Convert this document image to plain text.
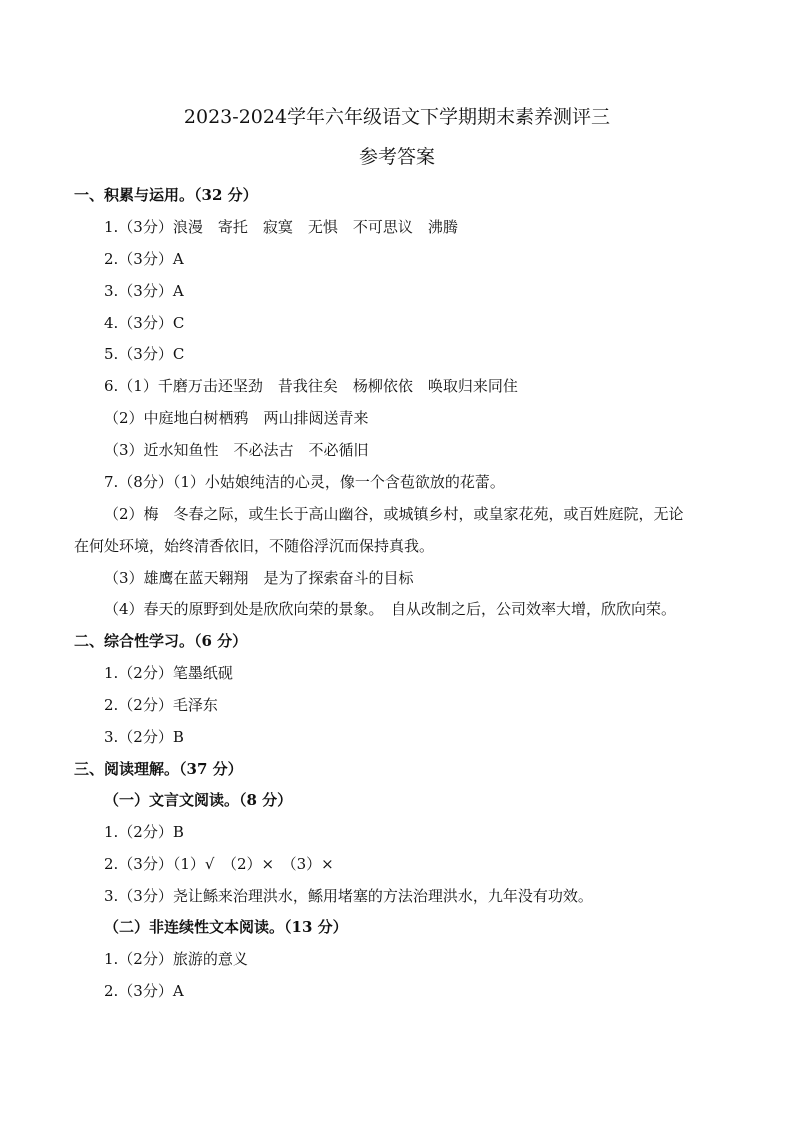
2023-2024学年六年级语文下学期期末素养测评三
参考答案
一、积累与运用。（32 分）
1.（3分）浪漫　寄托　寂寞　无惧　不可思议　沸腾
2.（3分）A
3.（3分）A
4.（3分）C
5.（3分）C
6.（1）千磨万击还坚劲　昔我往矣　杨柳依依　唤取归来同住
（2）中庭地白树栖鸦　两山排闼送青来
（3）近水知鱼性　不必法古　不必循旧
7.（8分）（1）小姑娘纯洁的心灵，像一个含苞欲放的花蕾。
（2）梅　冬春之际，或生长于高山幽谷，或城镇乡村，或皇家花苑，或百姓庭院，无论
在何处环境，始终清香依旧，不随俗浮沉而保持真我。
（3）雄鹰在蓝天翱翔　是为了探索奋斗的目标
（4）春天的原野到处是欣欣向荣的景象。　自从改制之后，公司效率大增，欣欣向荣。
二、综合性学习。（6 分）
1.（2分）笔墨纸砚
2.（2分）毛泽东
3.（2分）B
三、阅读理解。（37 分）
（一）文言文阅读。（8 分）
1.（2分）B
2.（3分）（1）√　（2）×　（3）×
3.（3分）尧让鲧来治理洪水，鲧用堵塞的方法治理洪水，九年没有功效。
（二）非连续性文本阅读。（13 分）
1.（2分）旅游的意义
2.（3分）A
